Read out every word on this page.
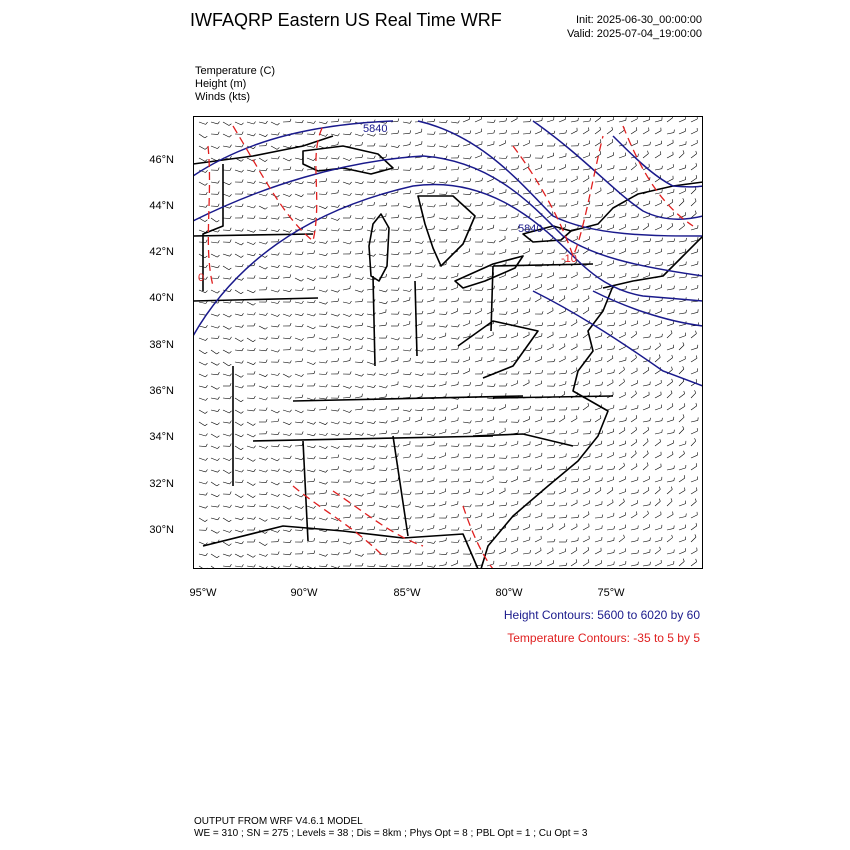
IWFAQRP Eastern US Real Time WRF	Init: 2025-06-30_00:00:00
Valid: 2025-07-04_19:00:00
Temperature (C)
Height (m)
Winds (kts)
46°N
44°N
42°N
40°N
38°N
36°N
34°N
32°N
30°N
95°W	90°W	85°W	80°W	75°W
5840
5840
-10
0
Height Contours: 5600 to 6020 by 60
Temperature Contours: -35 to 5 by 5
OUTPUT FROM WRF V4.6.1 MODEL
WE = 310 ; SN = 275 ; Levels = 38 ; Dis = 8km ; Phys Opt = 8 ; PBL Opt = 1 ; Cu Opt = 3
